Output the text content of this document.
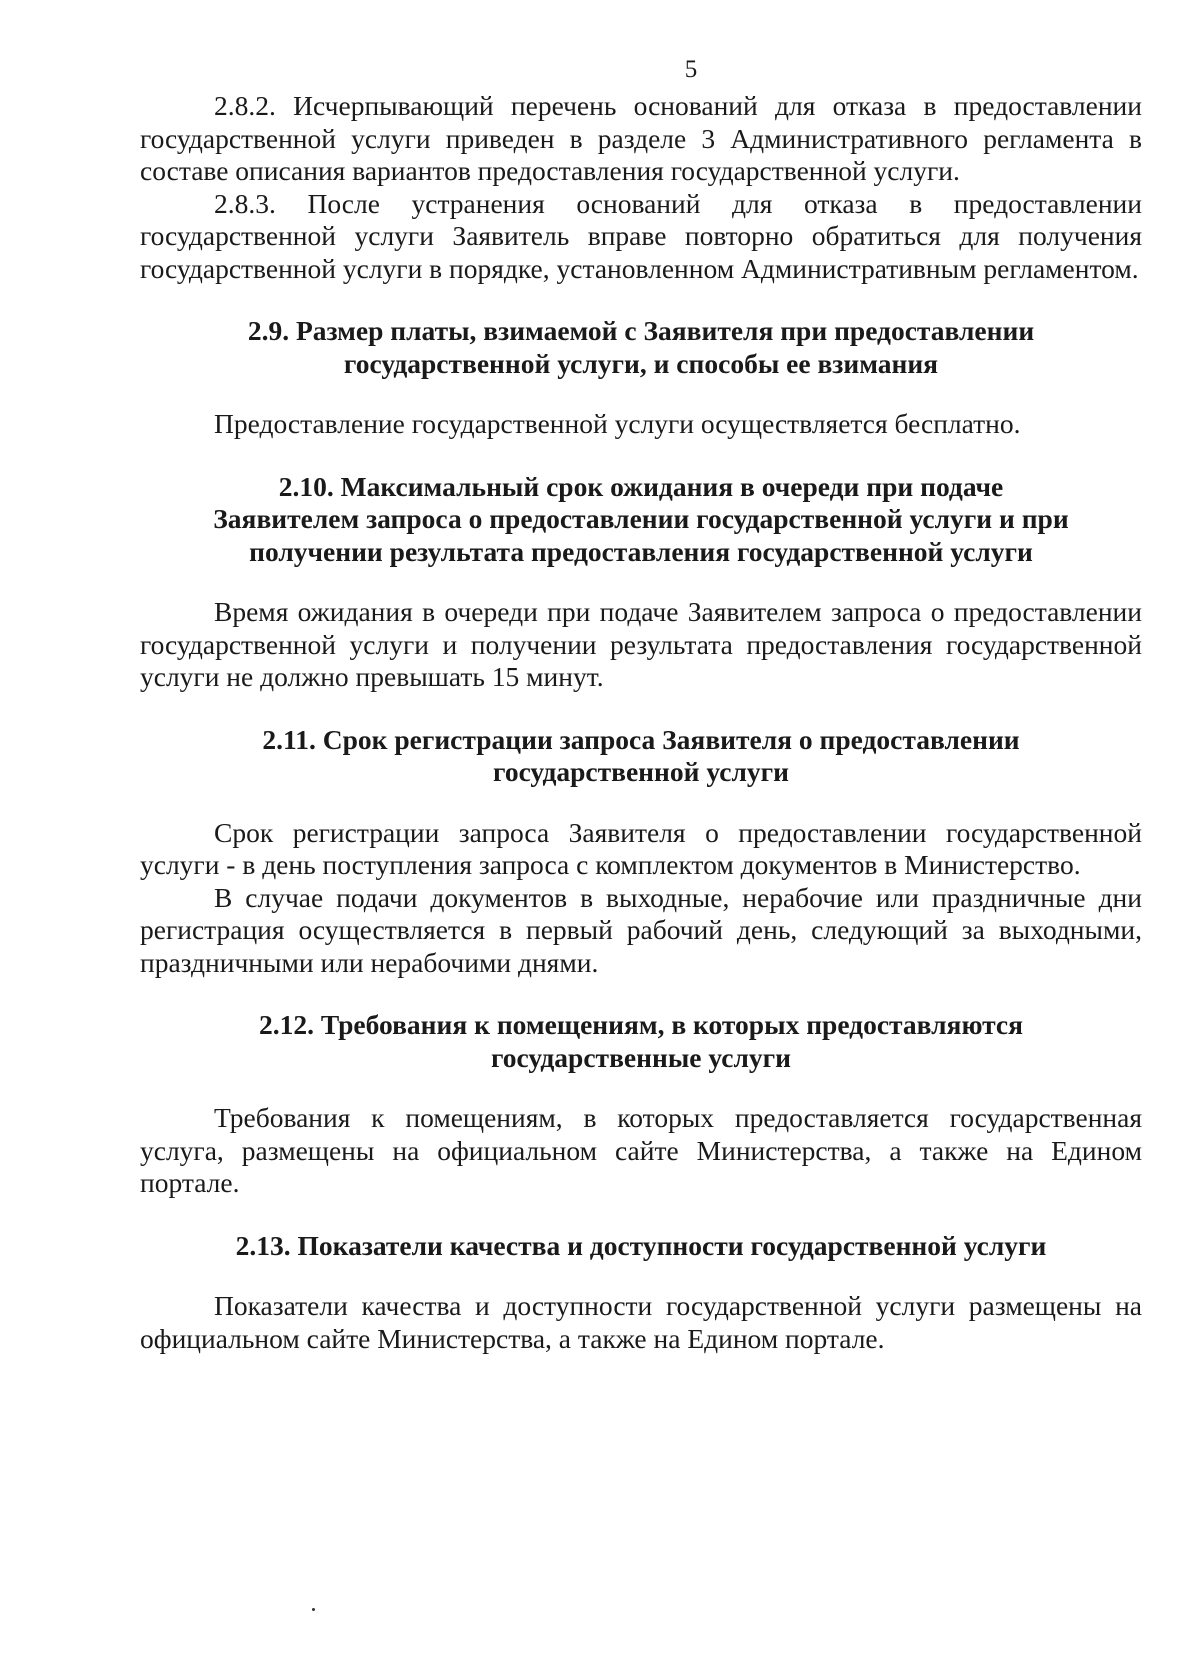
5

2.8.2. Исчерпывающий перечень оснований для отказа в предоставлении государственной услуги приведен в разделе 3 Административного регламента в составе описания вариантов предоставления государственной услуги.

2.8.3. После устранения оснований для отказа в предоставлении государственной услуги Заявитель вправе повторно обратиться для получения государственной услуги в порядке, установленном Административным регламентом.

2.9. Размер платы, взимаемой с Заявителя при предоставлении
государственной услуги, и способы ее взимания

Предоставление государственной услуги осуществляется бесплатно.

2.10. Максимальный срок ожидания в очереди при подаче
Заявителем запроса о предоставлении государственной услуги и при
получении результата предоставления государственной услуги

Время ожидания в очереди при подаче Заявителем запроса о предоставлении государственной услуги и получении результата предоставления государственной услуги не должно превышать 15 минут.

2.11. Срок регистрации запроса Заявителя о предоставлении
государственной услуги

Срок регистрации запроса Заявителя о предоставлении государственной услуги - в день поступления запроса с комплектом документов в Министерство.

В случае подачи документов в выходные, нерабочие или праздничные дни регистрация осуществляется в первый рабочий день, следующий за выходными, праздничными или нерабочими днями.

2.12. Требования к помещениям, в которых предоставляются
государственные услуги

Требования к помещениям, в которых предоставляется государственная услуга, размещены на официальном сайте Министерства, а также на Едином портале.

2.13. Показатели качества и доступности государственной услуги

Показатели качества и доступности государственной услуги размещены на официальном сайте Министерства, а также на Едином портале.
